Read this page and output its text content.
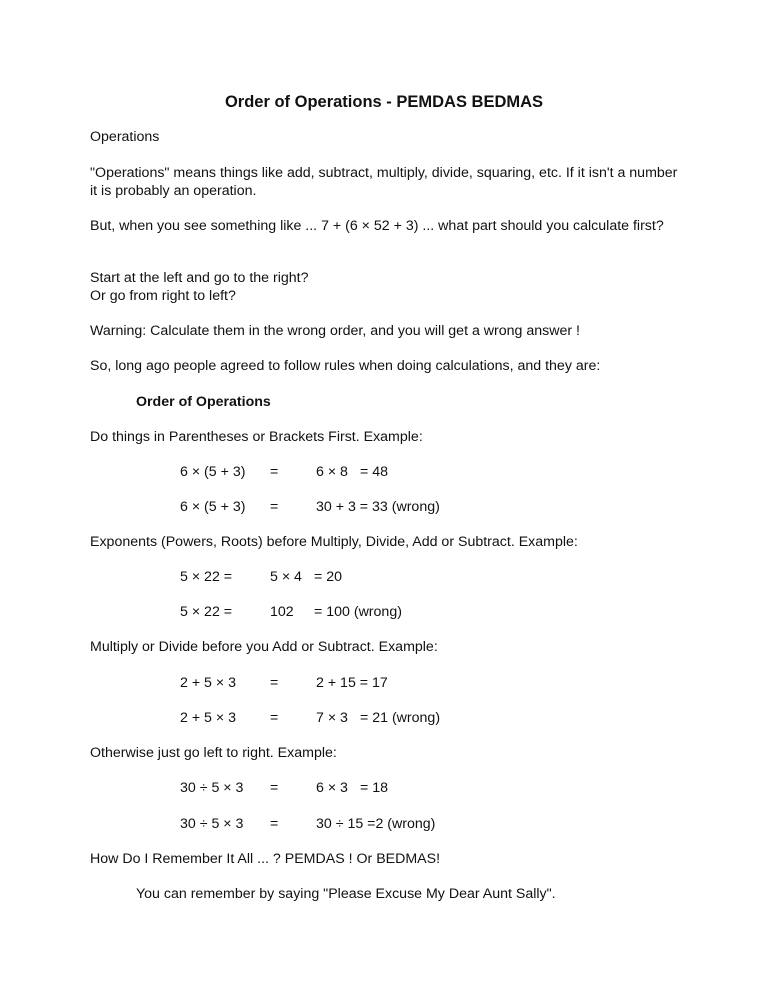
Order of Operations - PEMDAS BEDMAS

Operations

"Operations" means things like add, subtract, multiply, divide, squaring, etc. If it isn't a number it is probably an operation.

But, when you see something like ... 7 + (6 × 52 + 3) ... what part should you calculate first?

Start at the left and go to the right?

Or go from right to left?

Warning: Calculate them in the wrong order, and you will get a wrong answer !

So, long ago people agreed to follow rules when doing calculations, and they are:

Order of Operations

Do things in Parentheses or Brackets First. Example:

6 × (5 + 3) =	6 × 8 = 48
6 × (5 + 3) =	30 + 3 = 33 (wrong)

Exponents (Powers, Roots) before Multiply, Divide, Add or Subtract. Example:

5 × 22 =	5 × 4 = 20
5 × 22 =	102 = 100 (wrong)

Multiply or Divide before you Add or Subtract. Example:

2 + 5 × 3 =	2 + 15 = 17
2 + 5 × 3 =	7 × 3 = 21 (wrong)

Otherwise just go left to right. Example:

30 ÷ 5 × 3 =	6 × 3 = 18
30 ÷ 5 × 3 =	30 ÷ 15 =2 (wrong)

How Do I Remember It All ... ? PEMDAS ! Or BEDMAS!

You can remember by saying "Please Excuse My Dear Aunt Sally".
